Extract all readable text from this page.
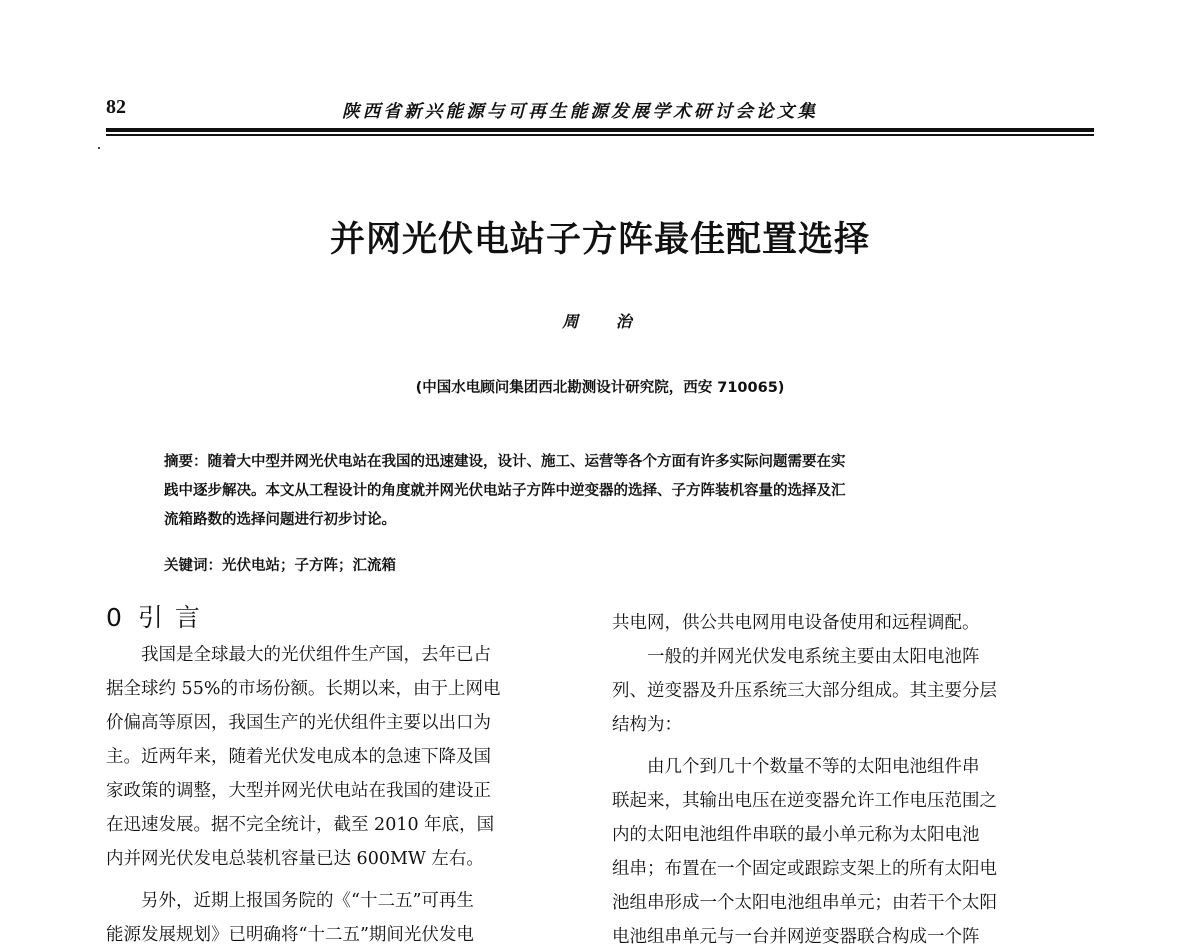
82	陕西省新兴能源与可再生能源发展学术研讨会论文集
并网光伏电站子方阵最佳配置选择
周 治
(中国水电顾问集团西北勘测设计研究院，西安 710065)
摘要：随着大中型并网光伏电站在我国的迅速建设，设计、施工、运营等各个方面有许多实际问题需要在实
践中逐步解决。本文从工程设计的角度就并网光伏电站子方阵中逆变器的选择、子方阵装机容量的选择及汇
流箱路数的选择问题进行初步讨论。
关键词：光伏电站；子方阵；汇流箱
0 引 言
　　我国是全球最大的光伏组件生产国，去年已占
据全球约 55%的市场份额。长期以来，由于上网电
价偏高等原因，我国生产的光伏组件主要以出口为
主。近两年来，随着光伏发电成本的急速下降及国
家政策的调整，大型并网光伏电站在我国的建设正
在迅速发展。据不完全统计，截至 2010 年底，国
内并网光伏发电总装机容量已达 600MW 左右。
　　另外，近期上报国务院的《“十二五”可再生
能源发展规划》已明确将“十二五”期间光伏发电
共电网，供公共电网用电设备使用和远程调配。
　　一般的并网光伏发电系统主要由太阳电池阵
列、逆变器及升压系统三大部分组成。其主要分层
结构为：
　　由几个到几十个数量不等的太阳电池组件串
联起来，其输出电压在逆变器允许工作电压范围之
内的太阳电池组件串联的最小单元称为太阳电池
组串；布置在一个固定或跟踪支架上的所有太阳电
池组串形成一个太阳电池组串单元；由若干个太阳
电池组串单元与一台并网逆变器联合构成一个阵
